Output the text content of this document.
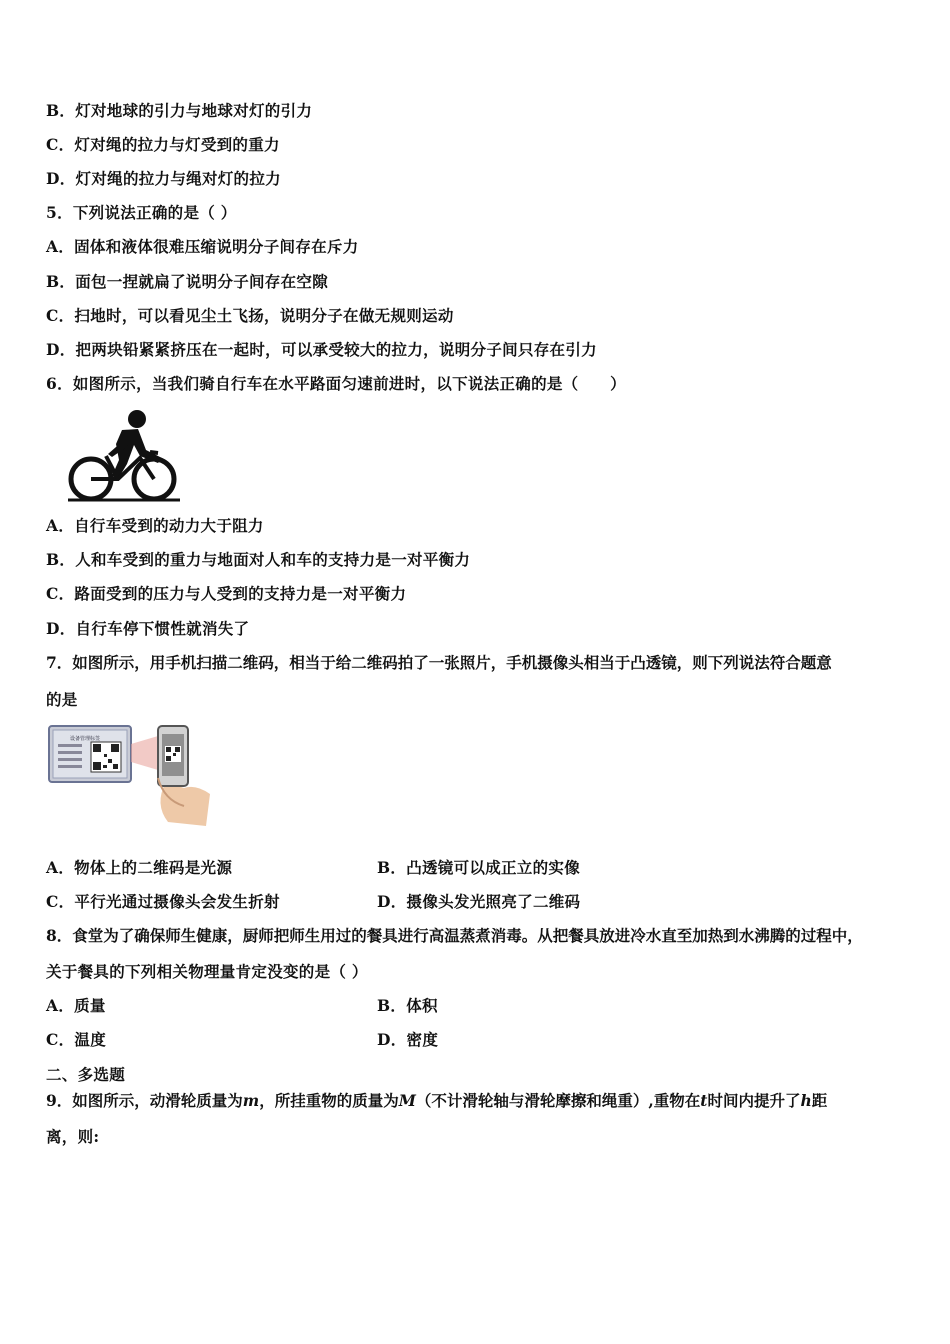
B．灯对地球的引力与地球对灯的引力
C．灯对绳的拉力与灯受到的重力
D．灯对绳的拉力与绳对灯的拉力
5．下列说法正确的是（ ）
A．固体和液体很难压缩说明分子间存在斥力
B．面包一捏就扁了说明分子间存在空隙
C．扫地时，可以看见尘土飞扬，说明分子在做无规则运动
D．把两块铅紧紧挤压在一起时，可以承受较大的拉力，说明分子间只存在引力
6．如图所示，当我们骑自行车在水平路面匀速前进时，以下说法正确的是（　　）
A．自行车受到的动力大于阻力
B．人和车受到的重力与地面对人和车的支持力是一对平衡力
C．路面受到的压力与人受到的支持力是一对平衡力
D．自行车停下惯性就消失了
7．如图所示，用手机扫描二维码，相当于给二维码拍了一张照片，手机摄像头相当于凸透镜，则下列说法符合题意
的是
设备管理标签
A．物体上的二维码是光源	B．凸透镜可以成正立的实像
C．平行光通过摄像头会发生折射	D．摄像头发光照亮了二维码
8．食堂为了确保师生健康，厨师把师生用过的餐具进行高温蒸煮消毒。从把餐具放进冷水直至加热到水沸腾的过程中，
关于餐具的下列相关物理量肯定没变的是（ ）
A．质量	B．体积
C．温度	D．密度
二、多选题
9．如图所示，动滑轮质量为m，所挂重物的质量为M（不计滑轮轴与滑轮摩擦和绳重）,重物在t时间内提升了h距
离，则:
